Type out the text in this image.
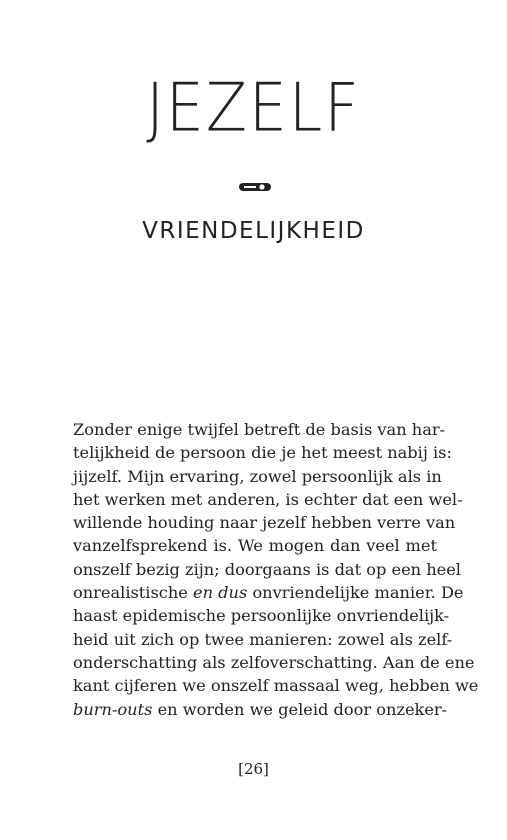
JEZELF
VRIENDELIJKHEID
Zonder enige twijfel betreft de basis van har-
telijkheid de persoon die je het meest nabij is:
jijzelf. Mijn ervaring, zowel persoonlijk als in
het werken met anderen, is echter dat een wel-
willende houding naar jezelf hebben verre van
vanzelfsprekend is. We mogen dan veel met
onszelf bezig zijn; doorgaans is dat op een heel
onrealistische en dus onvriendelijke manier. De
haast epidemische persoonlijke onvriendelijk-
heid uit zich op twee manieren: zowel als zelf-
onderschatting als zelfoverschatting. Aan de ene
kant cijferen we onszelf massaal weg, hebben we
burn-outs en worden we geleid door onzeker-
[26]
